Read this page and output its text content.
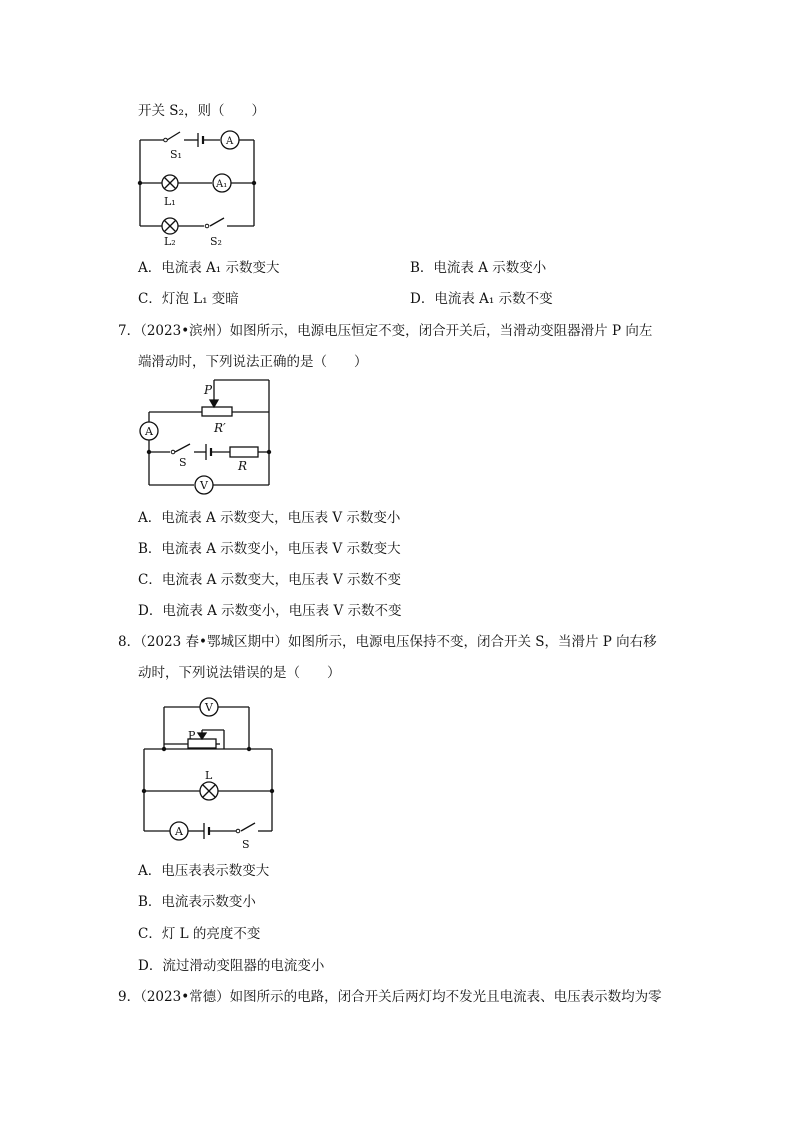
开关 S₂，则（　　）
S₁
A
A₁
L₁
L₂	S₂
A．电流表 A₁ 示数变大	B．电流表 A 示数变小
C．灯泡 L₁ 变暗	D．电流表 A₁ 示数不变
7．（2023•滨州）如图所示，电源电压恒定不变，闭合开关后，当滑动变阻器滑片 P 向左
端滑动时，下列说法正确的是（　　）
P
R′
R
A
S
V
A．电流表 A 示数变大，电压表 V 示数变小
B．电流表 A 示数变小，电压表 V 示数变大
C．电流表 A 示数变大，电压表 V 示数不变
D．电流表 A 示数变小，电压表 V 示数不变
8．（2023 春•鄂城区期中）如图所示，电源电压保持不变，闭合开关 S，当滑片 P 向右移
动时，下列说法错误的是（　　）
V
P
L
A
S
A．电压表表示数变大
B．电流表示数变小
C．灯 L 的亮度不变
D．流过滑动变阻器的电流变小
9．（2023•常德）如图所示的电路，闭合开关后两灯均不发光且电流表、电压表示数均为零
